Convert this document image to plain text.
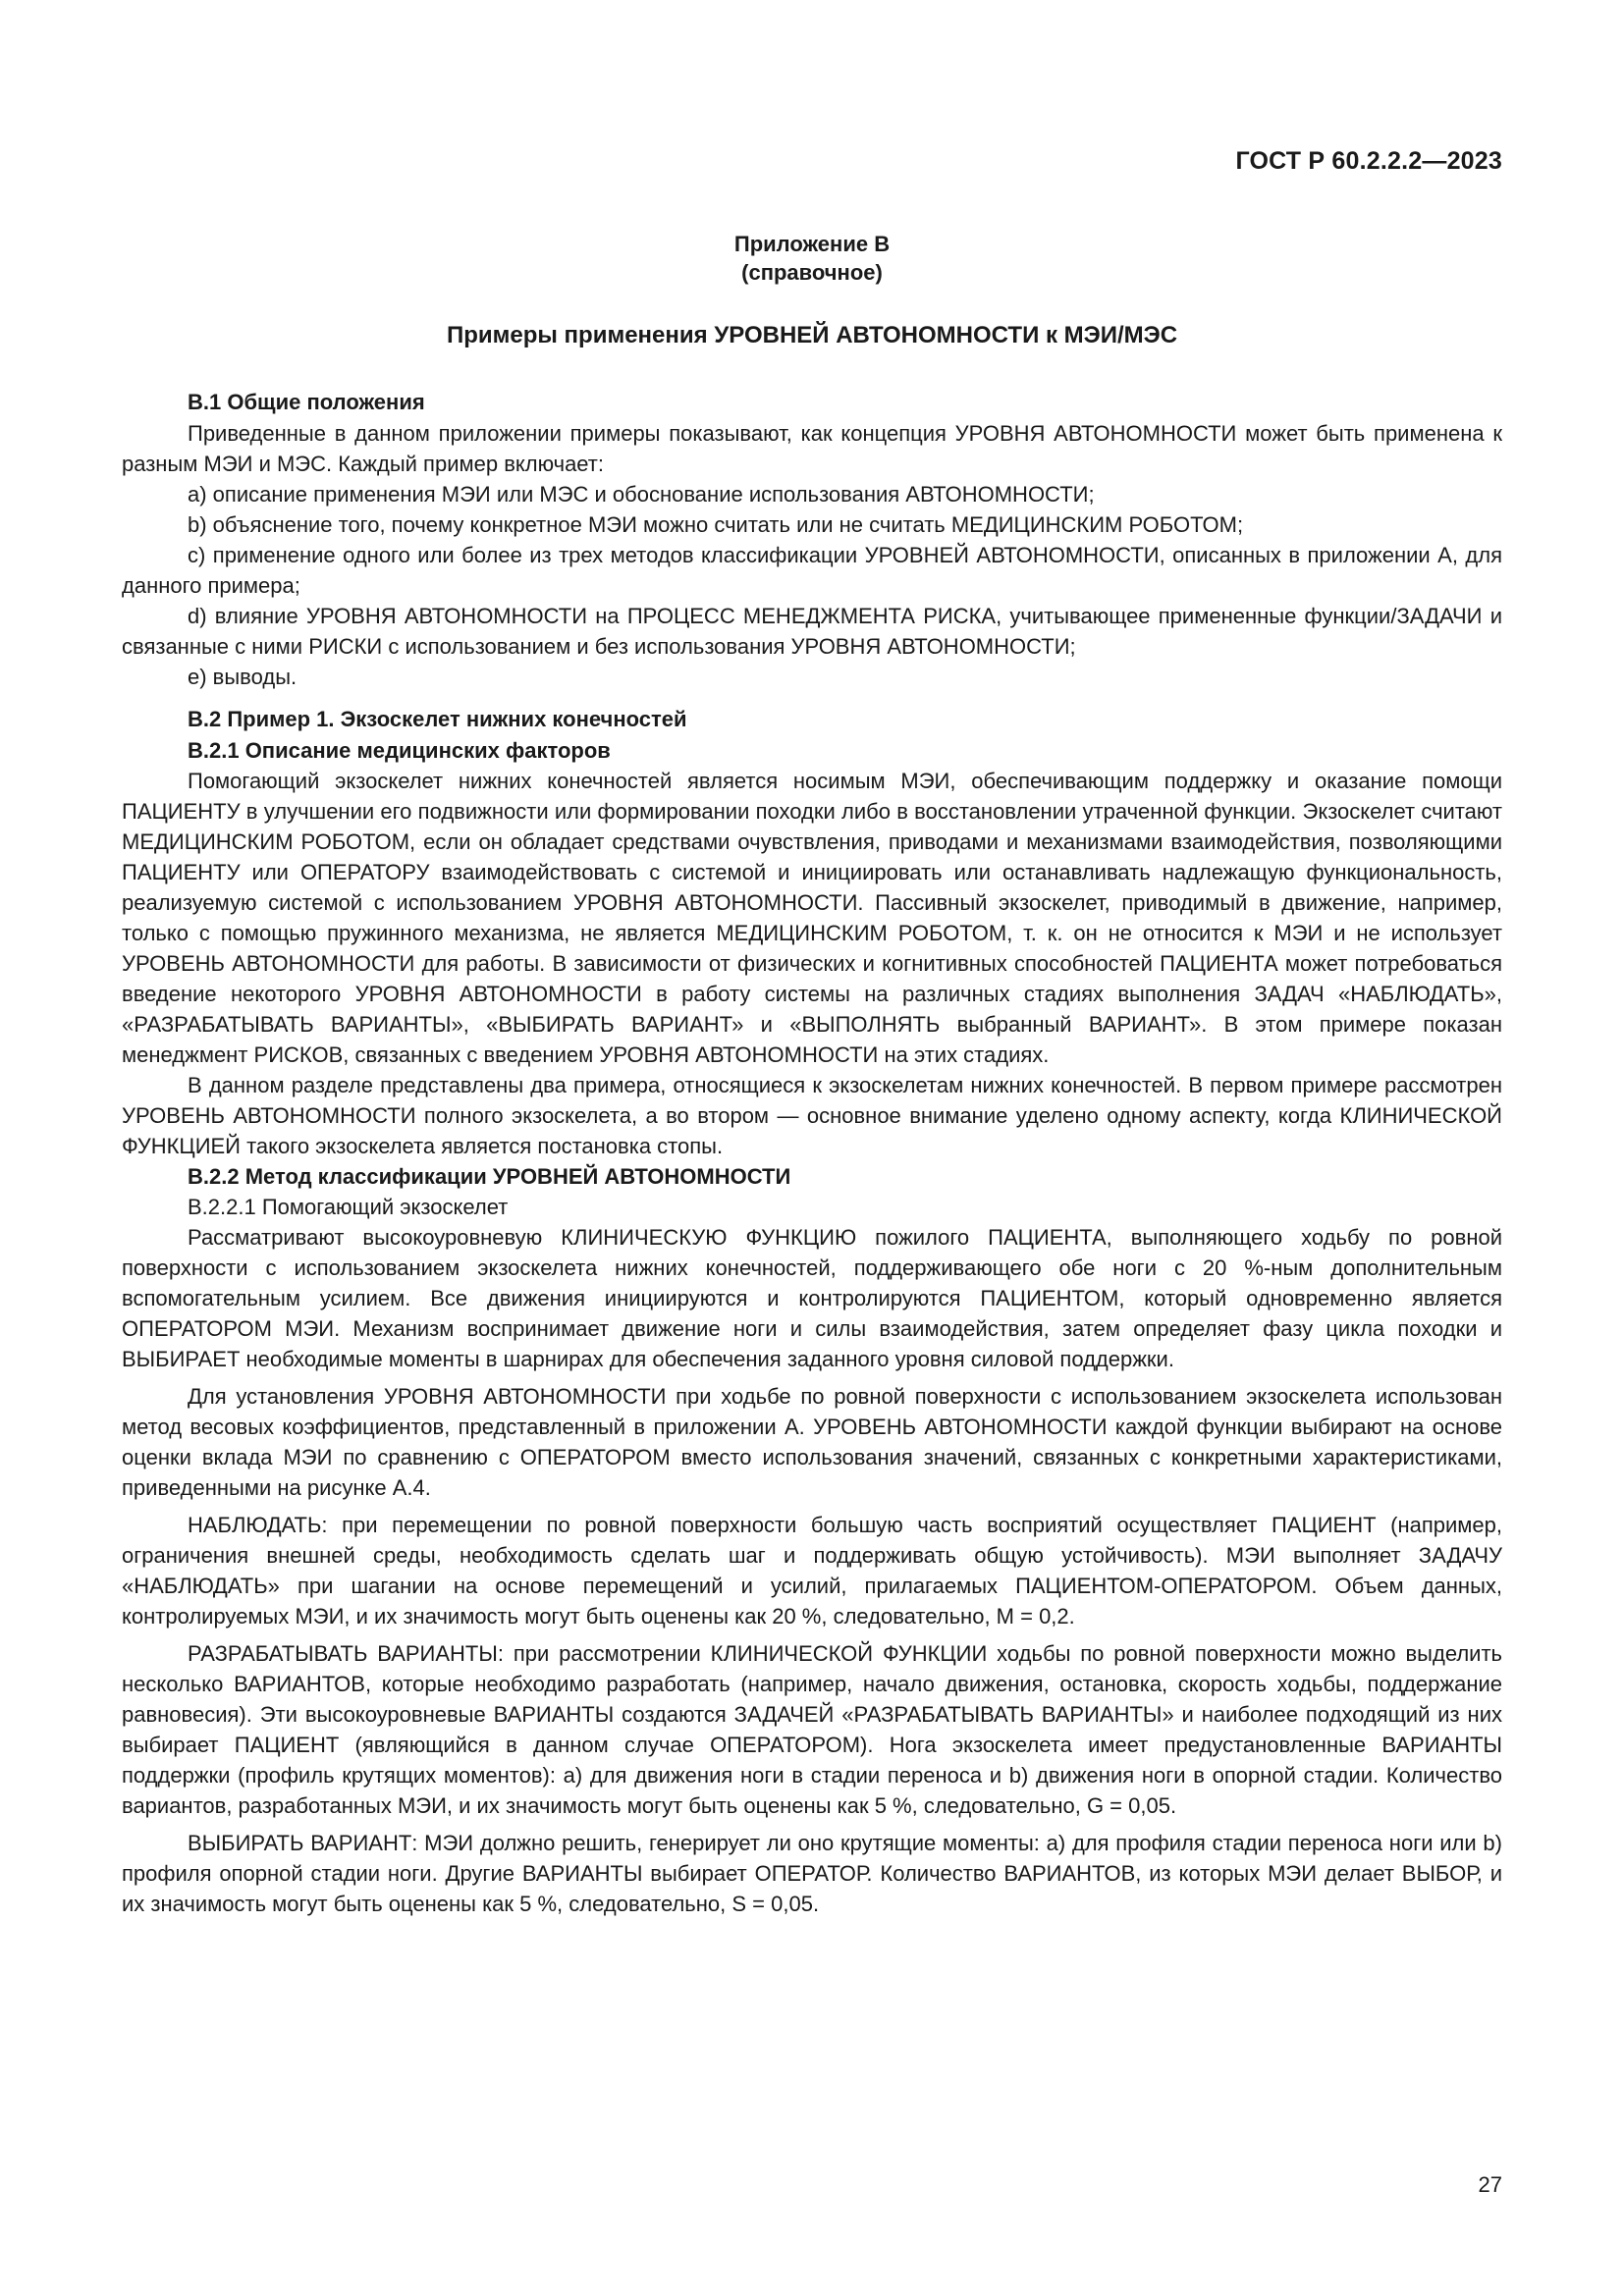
ГОСТ Р 60.2.2.2—2023
Приложение В
(справочное)
Примеры применения УРОВНЕЙ АВТОНОМНОСТИ к МЭИ/МЭС
В.1 Общие положения

Приведенные в данном приложении примеры показывают, как концепция УРОВНЯ АВТОНОМНОСТИ может быть применена к разным МЭИ и МЭС. Каждый пример включает:

а) описание применения МЭИ или МЭС и обоснование использования АВТОНОМНОСТИ;

b) объяснение того, почему конкретное МЭИ можно считать или не считать МЕДИЦИНСКИМ РОБОТОМ;

c) применение одного или более из трех методов классификации УРОВНЕЙ АВТОНОМНОСТИ, описанных в приложении А, для данного примера;

d) влияние УРОВНЯ АВТОНОМНОСТИ на ПРОЦЕСС МЕНЕДЖМЕНТА РИСКА, учитывающее примененные функции/ЗАДАЧИ и связанные с ними РИСКИ с использованием и без использования УРОВНЯ АВТОНОМНОСТИ;

e) выводы.

В.2 Пример 1. Экзоскелет нижних конечностей
В.2.1 Описание медицинских факторов

Помогающий экзоскелет нижних конечностей является носимым МЭИ, обеспечивающим поддержку и оказание помощи ПАЦИЕНТУ в улучшении его подвижности или формировании походки либо в восстановлении утраченной функции. Экзоскелет считают МЕДИЦИНСКИМ РОБОТОМ, если он обладает средствами очувствления, приводами и механизмами взаимодействия, позволяющими ПАЦИЕНТУ или ОПЕРАТОРУ взаимодействовать с системой и инициировать или останавливать надлежащую функциональность, реализуемую системой с использованием УРОВНЯ АВТОНОМНОСТИ. Пассивный экзоскелет, приводимый в движение, например, только с помощью пружинного механизма, не является МЕДИЦИНСКИМ РОБОТОМ, т. к. он не относится к МЭИ и не использует УРОВЕНЬ АВТОНОМНОСТИ для работы. В зависимости от физических и когнитивных способностей ПАЦИЕНТА может потребоваться введение некоторого УРОВНЯ АВТОНОМНОСТИ в работу системы на различных стадиях выполнения ЗАДАЧ «НАБЛЮДАТЬ», «РАЗРАБАТЫВАТЬ ВАРИАНТЫ», «ВЫБИРАТЬ ВАРИАНТ» и «ВЫПОЛНЯТЬ выбранный ВАРИАНТ». В этом примере показан менеджмент РИСКОВ, связанных с введением УРОВНЯ АВТОНОМНОСТИ на этих стадиях.

В данном разделе представлены два примера, относящиеся к экзоскелетам нижних конечностей. В первом примере рассмотрен УРОВЕНЬ АВТОНОМНОСТИ полного экзоскелета, а во втором — основное внимание уделено одному аспекту, когда КЛИНИЧЕСКОЙ ФУНКЦИЕЙ такого экзоскелета является постановка стопы.

В.2.2 Метод классификации УРОВНЕЙ АВТОНОМНОСТИ
В.2.2.1 Помогающий экзоскелет

Рассматривают высокоуровневую КЛИНИЧЕСКУЮ ФУНКЦИЮ пожилого ПАЦИЕНТА, выполняющего ходьбу по ровной поверхности с использованием экзоскелета нижних конечностей, поддерживающего обе ноги с 20 %-ным дополнительным вспомогательным усилием. Все движения инициируются и контролируются ПАЦИЕНТОМ, который одновременно является ОПЕРАТОРОМ МЭИ. Механизм воспринимает движение ноги и силы взаимодействия, затем определяет фазу цикла походки и ВЫБИРАЕТ необходимые моменты в шарнирах для обеспечения заданного уровня силовой поддержки.

Для установления УРОВНЯ АВТОНОМНОСТИ при ходьбе по ровной поверхности с использованием экзоскелета использован метод весовых коэффициентов, представленный в приложении А. УРОВЕНЬ АВТОНОМНОСТИ каждой функции выбирают на основе оценки вклада МЭИ по сравнению с ОПЕРАТОРОМ вместо использования значений, связанных с конкретными характеристиками, приведенными на рисунке А.4.

НАБЛЮДАТЬ: при перемещении по ровной поверхности большую часть восприятий осуществляет ПАЦИЕНТ (например, ограничения внешней среды, необходимость сделать шаг и поддерживать общую устойчивость). МЭИ выполняет ЗАДАЧУ «НАБЛЮДАТЬ» при шагании на основе перемещений и усилий, прилагаемых ПАЦИЕНТОМ-ОПЕРАТОРОМ. Объем данных, контролируемых МЭИ, и их значимость могут быть оценены как 20 %, следовательно, M = 0,2.

РАЗРАБАТЫВАТЬ ВАРИАНТЫ: при рассмотрении КЛИНИЧЕСКОЙ ФУНКЦИИ ходьбы по ровной поверхности можно выделить несколько ВАРИАНТОВ, которые необходимо разработать (например, начало движения, остановка, скорость ходьбы, поддержание равновесия). Эти высокоуровневые ВАРИАНТЫ создаются ЗАДАЧЕЙ «РАЗРАБАТЫВАТЬ ВАРИАНТЫ» и наиболее подходящий из них выбирает ПАЦИЕНТ (являющийся в данном случае ОПЕРАТОРОМ). Нога экзоскелета имеет предустановленные ВАРИАНТЫ поддержки (профиль крутящих моментов): a) для движения ноги в стадии переноса и b) движения ноги в опорной стадии. Количество вариантов, разработанных МЭИ, и их значимость могут быть оценены как 5 %, следовательно, G = 0,05.

ВЫБИРАТЬ ВАРИАНТ: МЭИ должно решить, генерирует ли оно крутящие моменты: a) для профиля стадии переноса ноги или b) профиля опорной стадии ноги. Другие ВАРИАНТЫ выбирает ОПЕРАТОР. Количество ВАРИАНТОВ, из которых МЭИ делает ВЫБОР, и их значимость могут быть оценены как 5 %, следовательно, S = 0,05.

27
